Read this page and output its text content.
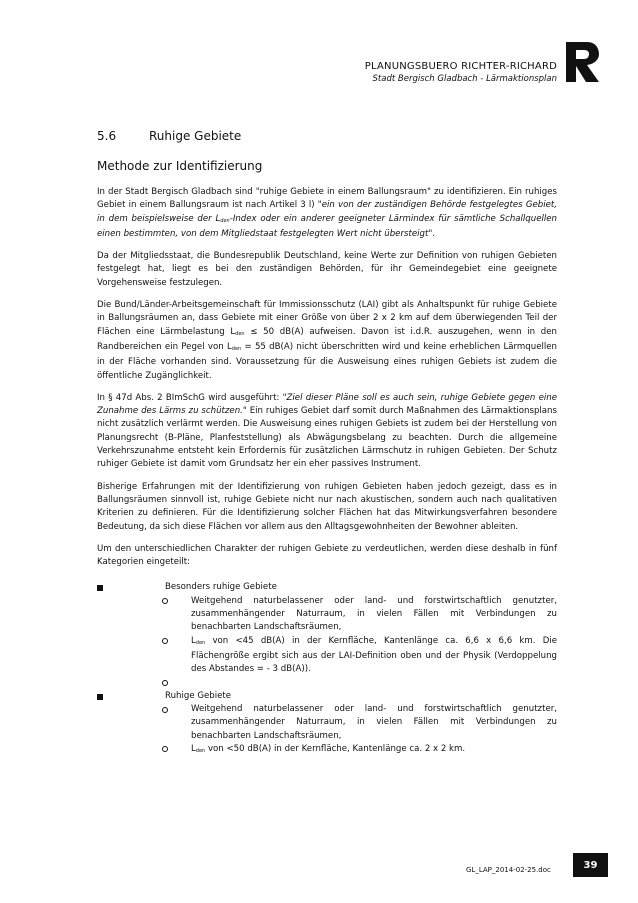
PLANUNGSBUERO RICHTER-RICHARD
Stadt Bergisch Gladbach - Lärmaktionsplan
5.6	Ruhige Gebiete
Methode zur Identifizierung

In der Stadt Bergisch Gladbach sind "ruhige Gebiete in einem Ballungsraum" zu identifizieren. Ein ruhiges Gebiet in einem Ballungsraum ist nach Artikel 3 l) "ein von der zuständigen Behörde festgelegtes Gebiet, in dem beispielsweise der $L_{den}$-Index oder ein anderer geeigneter Lärmindex für sämtliche Schallquellen einen bestimmten, von dem Mitgliedstaat festgelegten Wert nicht übersteigt".

Da der Mitgliedsstaat, die Bundesrepublik Deutschland, keine Werte zur Definition von ruhigen Gebieten festgelegt hat, liegt es bei den zuständigen Behörden, für ihr Gemeindegebiet eine geeignete Vorgehensweise festzulegen.

Die Bund/Länder-Arbeitsgemeinschaft für Immissionsschutz (LAI) gibt als Anhaltspunkt für ruhige Gebiete in Ballungsräumen an, dass Gebiete mit einer Größe von über 2 x 2 km auf dem überwiegenden Teil der Flächen eine Lärmbelastung $L_{den} \le 50$ dB(A) aufweisen. Davon ist i.d.R. auszugehen, wenn in den Randbereichen ein Pegel von $L_{den} = 55$ dB(A) nicht überschritten wird und keine erheblichen Lärmquellen in der Fläche vorhanden sind. Voraussetzung für die Ausweisung eines ruhigen Gebiets ist zudem die öffentliche Zugänglichkeit.

In § 47d Abs. 2 BImSchG wird ausgeführt: "Ziel dieser Pläne soll es auch sein, ruhige Gebiete gegen eine Zunahme des Lärms zu schützen." Ein ruhiges Gebiet darf somit durch Maßnahmen des Lärmaktionsplans nicht zusätzlich verlärmt werden. Die Ausweisung eines ruhigen Gebiets ist zudem bei der Herstellung von Planungsrecht (B-Pläne, Planfeststellung) als Abwägungsbelang zu beachten. Durch die allgemeine Verkehrszunahme entsteht kein Erfordernis für zusätzlichen Lärmschutz in ruhigen Gebieten. Der Schutz ruhiger Gebiete ist damit vom Grundsatz her ein eher passives Instrument.

Bisherige Erfahrungen mit der Identifizierung von ruhigen Gebieten haben jedoch gezeigt, dass es in Ballungsräumen sinnvoll ist, ruhige Gebiete nicht nur nach akustischen, sondern auch nach qualitativen Kriterien zu definieren. Für die Identifizierung solcher Flächen hat das Mitwirkungsverfahren besondere Bedeutung, da sich diese Flächen vor allem aus den Alltagsgewohnheiten der Bewohner ableiten.

Um den unterschiedlichen Charakter der ruhigen Gebiete zu verdeutlichen, werden diese deshalb in fünf Kategorien eingeteilt:

Besonders ruhige Gebiete
Weitgehend naturbelassener oder land- und forstwirtschaftlich genutzter, zusammenhängender Naturraum, in vielen Fällen mit Verbindungen zu benachbarten Landschaftsräumen,
$L_{den}$ von <45 dB(A) in der Kernfläche, Kantenlänge ca. 6,6 x 6,6 km. Die Flächengröße ergibt sich aus der LAI-Definition oben und der Physik (Verdoppelung des Abstandes = - 3 dB(A)).
Ruhige Gebiete
Weitgehend naturbelassener oder land- und forstwirtschaftlich genutzter, zusammenhängender Naturraum, in vielen Fällen mit Verbindungen zu benachbarten Landschaftsräumen,
$L_{den}$ von <50 dB(A) in der Kernfläche, Kantenlänge ca. 2 x 2 km.
GL_LAP_2014-02-25.doc	39
